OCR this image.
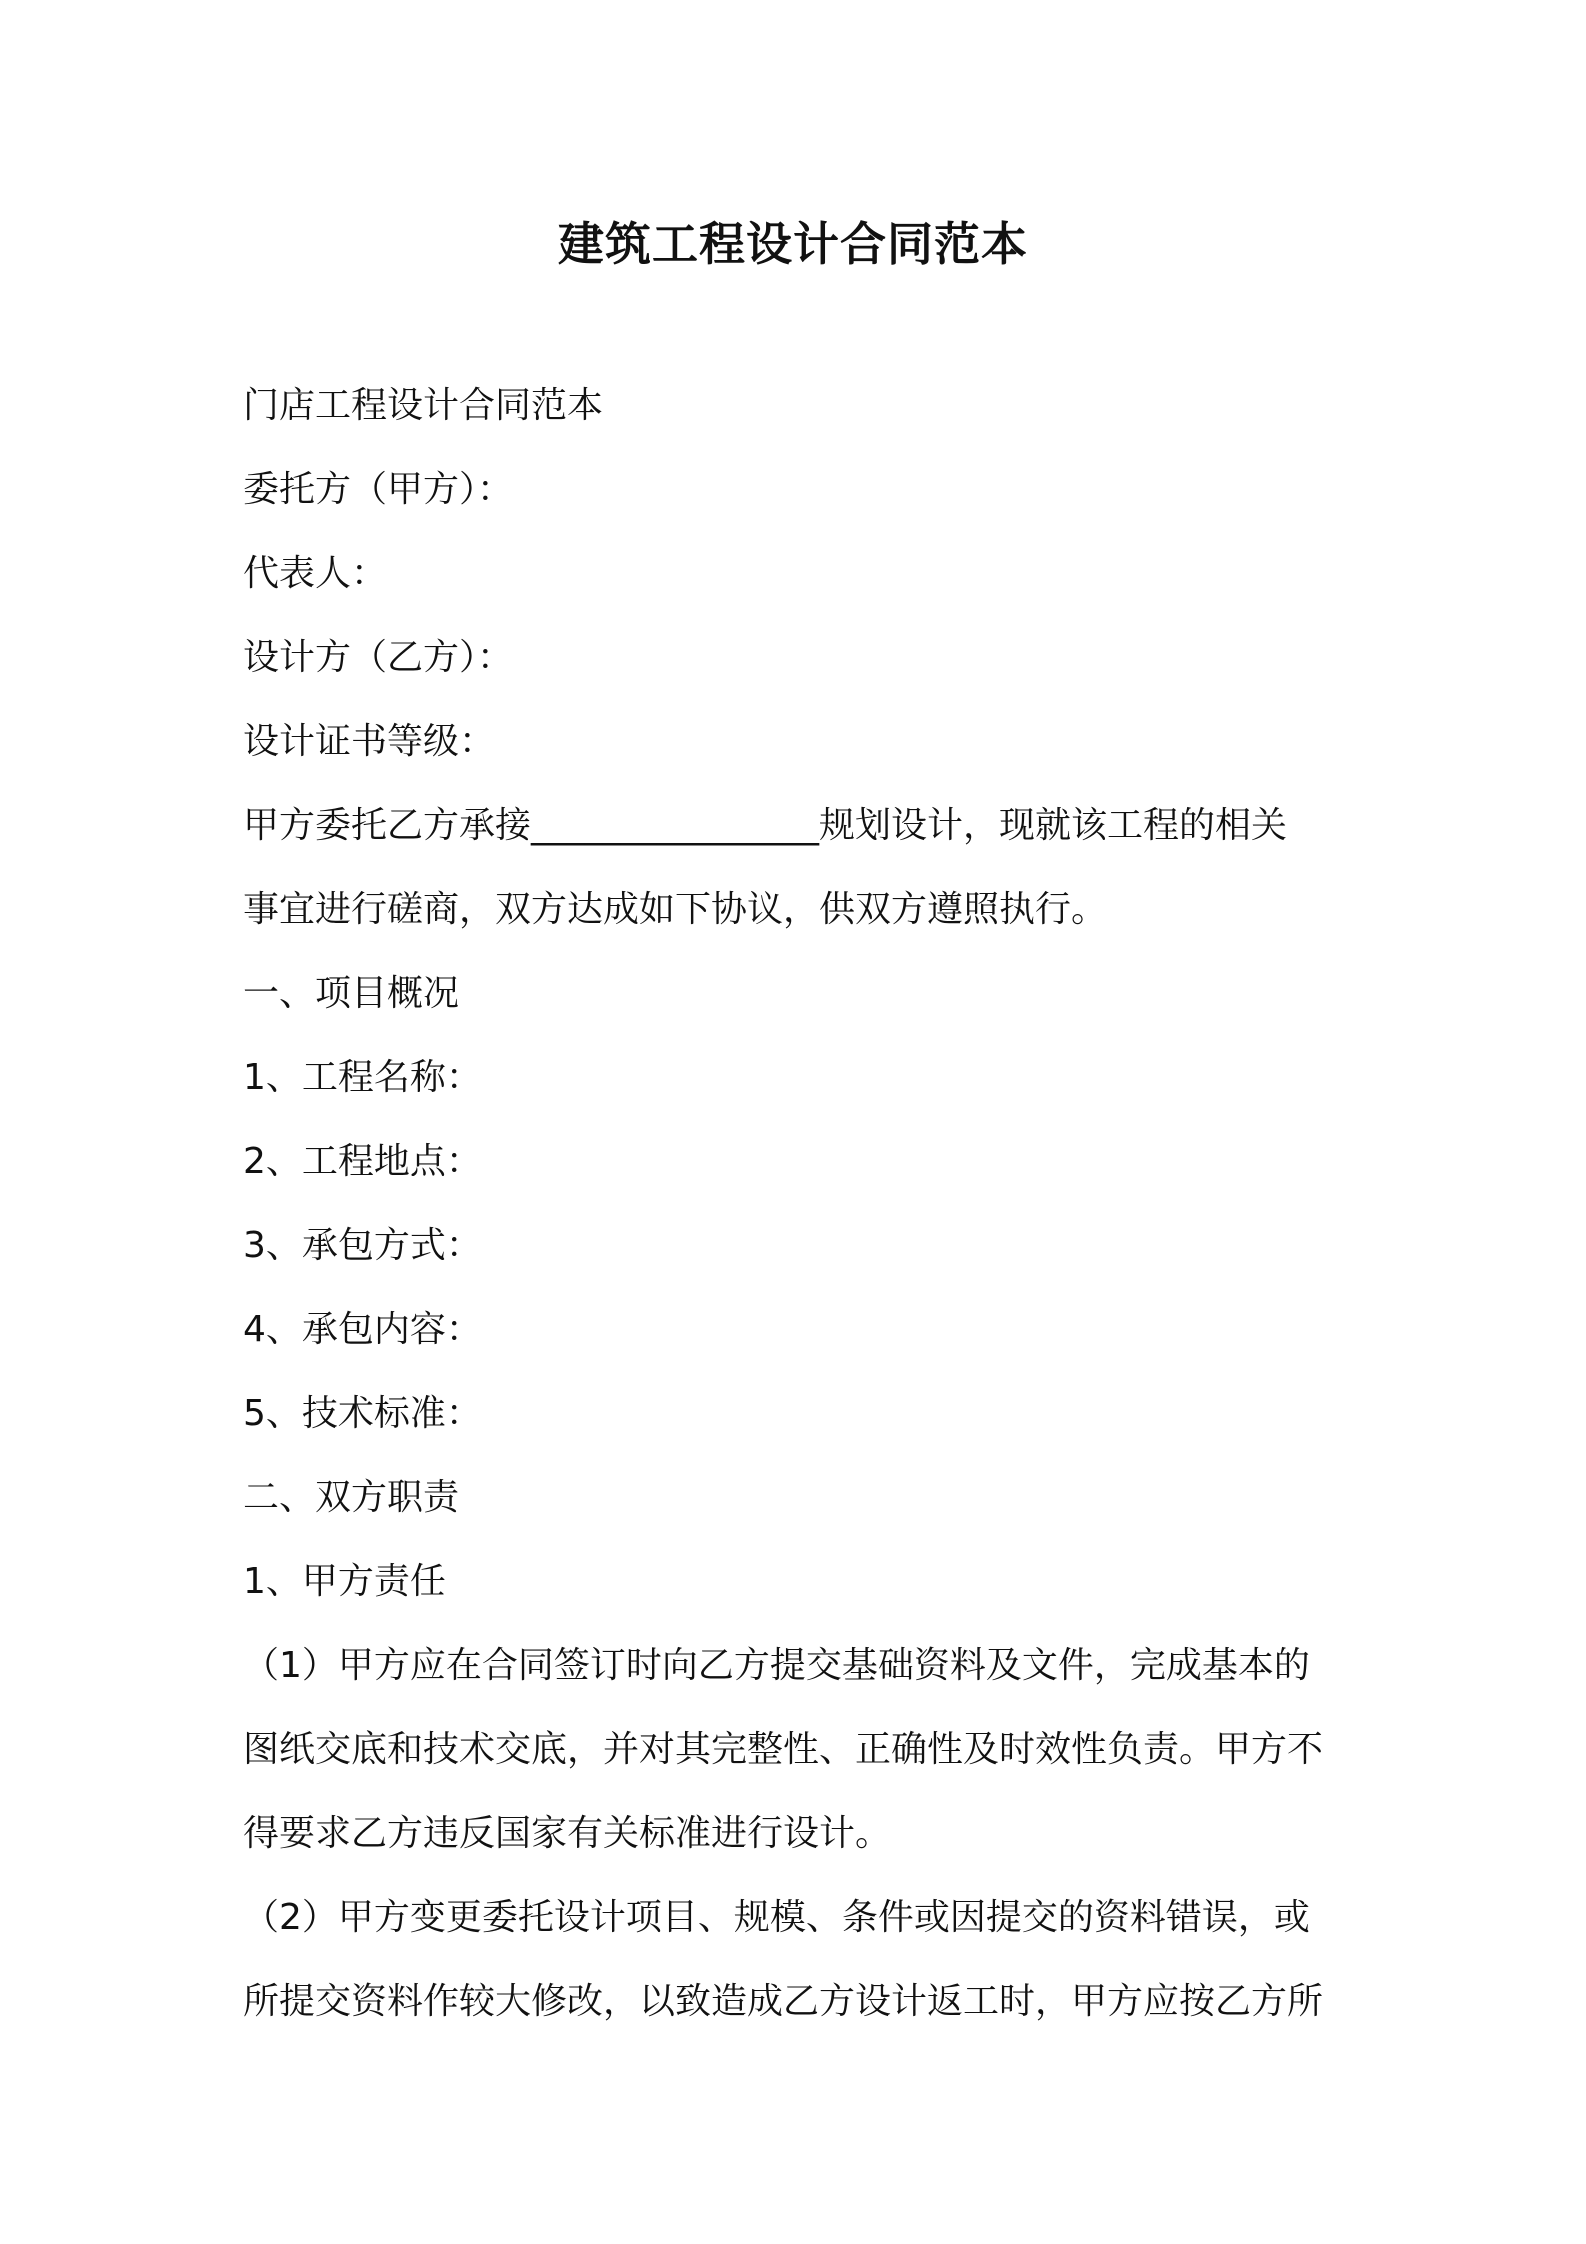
建筑工程设计合同范本
门店工程设计合同范本
委托方（甲方）：
代表人：
设计方（乙方）：
设计证书等级：
甲方委托乙方承接________________规划设计，现就该工程的相关
事宜进行磋商，双方达成如下协议，供双方遵照执行。
一、项目概况
1、工程名称：
2、工程地点：
3、承包方式：
4、承包内容：
5、技术标准：
二、双方职责
1、甲方责任
（1）甲方应在合同签订时向乙方提交基础资料及文件，完成基本的
图纸交底和技术交底，并对其完整性、正确性及时效性负责。甲方不
得要求乙方违反国家有关标准进行设计。
（2）甲方变更委托设计项目、规模、条件或因提交的资料错误，或
所提交资料作较大修改，以致造成乙方设计返工时，甲方应按乙方所
